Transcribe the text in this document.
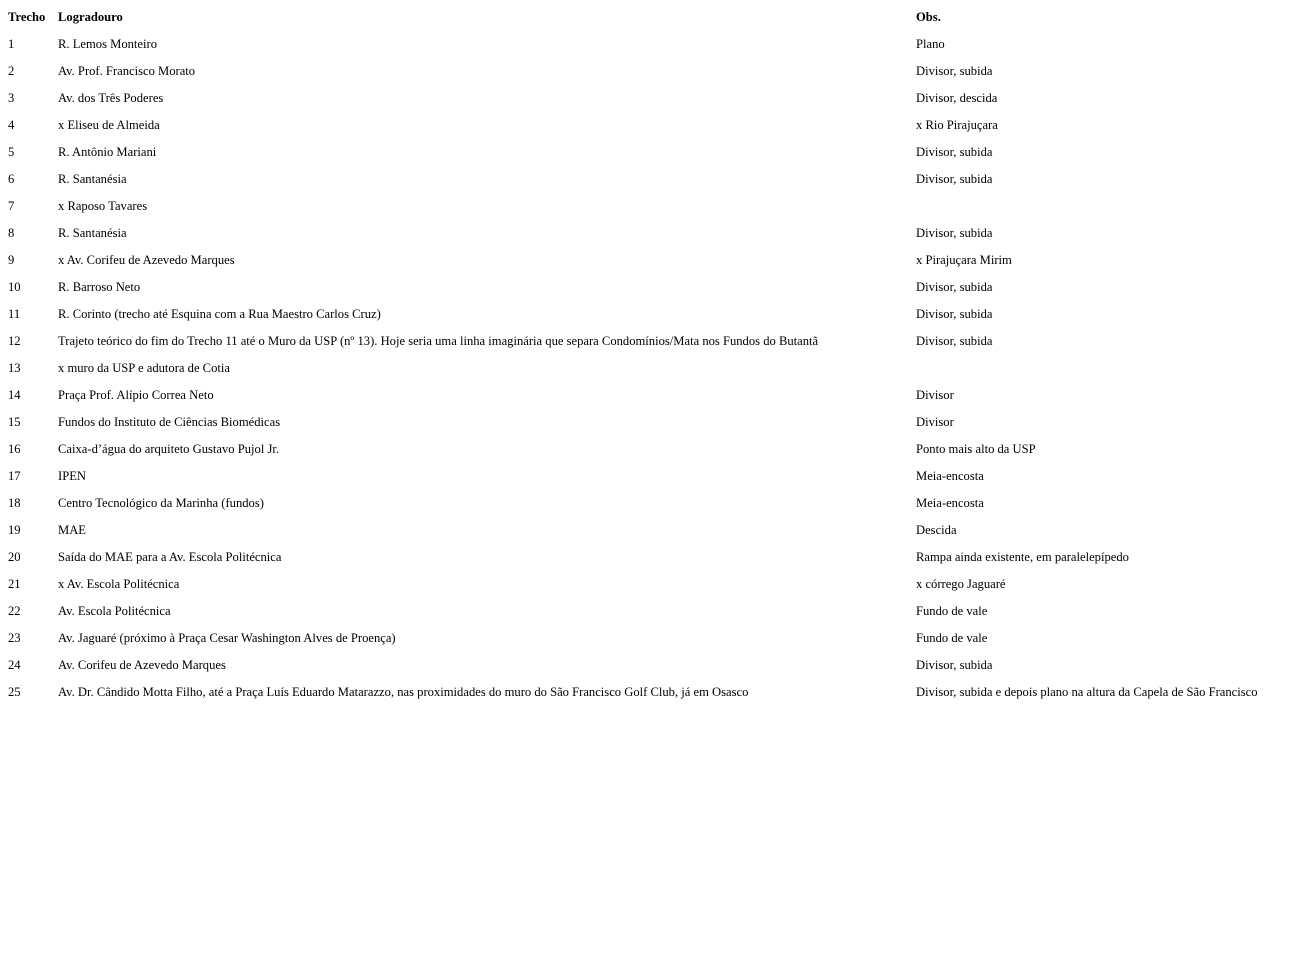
Trecho	Logradouro	Obs.
1	R. Lemos Monteiro	Plano
2	Av. Prof. Francisco Morato	Divisor, subida
3	Av. dos Três Poderes	Divisor, descida
4	x Eliseu de Almeida	x Rio Pirajuçara
5	R. Antônio Mariani	Divisor, subida
6	R. Santanésia	Divisor, subida
7	x Raposo Tavares	
8	R. Santanésia	Divisor, subida
9	x Av. Corifeu de Azevedo Marques	x Pirajuçara Mirim
10	R. Barroso Neto	Divisor, subida
11	R. Corinto (trecho até Esquina com a Rua Maestro Carlos Cruz)	Divisor, subida
12	Trajeto teórico do fim do Trecho 11 até o Muro da USP (nº 13). Hoje seria uma linha imaginária que separa Condomínios/Mata nos Fundos do Butantã	Divisor, subida
13	x muro da USP e adutora de Cotia	
14	Praça Prof. Alípio Correa Neto	Divisor
15	Fundos do Instituto de Ciências Biomédicas	Divisor
16	Caixa-d’água do arquiteto Gustavo Pujol Jr.	Ponto mais alto da USP
17	IPEN	Meia-encosta
18	Centro Tecnológico da Marinha (fundos)	Meia-encosta
19	MAE	Descida
20	Saída do MAE para a Av. Escola Politécnica	Rampa ainda existente, em paralelepípedo
21	x Av. Escola Politécnica	x córrego Jaguaré
22	Av. Escola Politécnica	Fundo de vale
23	Av. Jaguaré (próximo à Praça Cesar Washington Alves de Proença)	Fundo de vale
24	Av. Corifeu de Azevedo Marques	Divisor, subida
25	Av. Dr. Cândido Motta Filho, até a Praça Luís Eduardo Matarazzo, nas proximidades do muro do São Francisco Golf Club, já em Osasco	Divisor, subida e depois plano na altura da Capela de São Francisco
